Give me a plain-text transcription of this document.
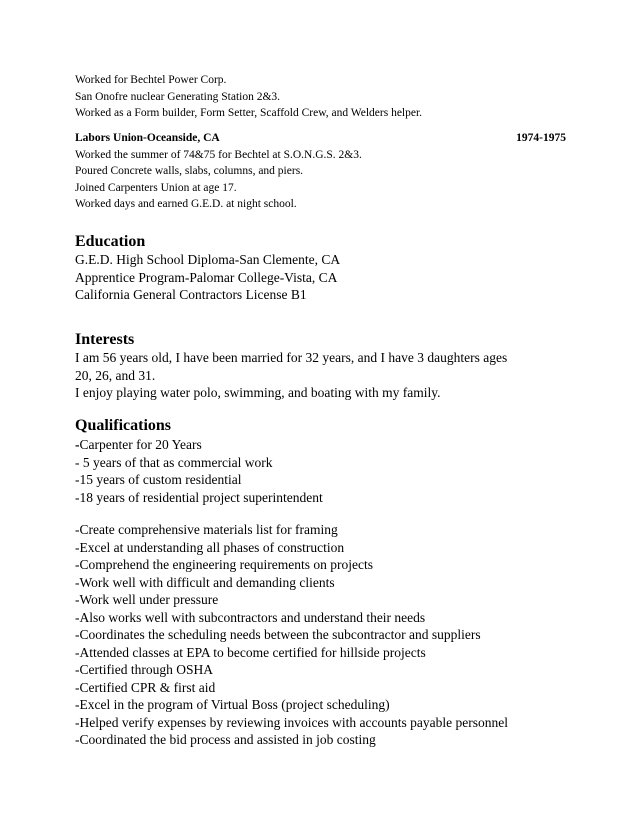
Worked for Bechtel Power Corp.
San Onofre nuclear Generating Station 2&3.
Worked as a Form builder, Form Setter, Scaffold Crew, and Welders helper.
Labors Union-Oceanside, CA	1974-1975
Worked the summer of 74&75 for Bechtel at S.O.N.G.S. 2&3.
Poured Concrete walls, slabs, columns, and piers.
Joined Carpenters Union at age 17.
Worked days and earned G.E.D. at night school.
Education
G.E.D. High School Diploma-San Clemente, CA
Apprentice Program-Palomar College-Vista, CA
California General Contractors License B1
Interests
I am 56 years old, I have been married for 32 years, and I have 3 daughters ages
20, 26, and 31.
I enjoy playing water polo, swimming, and boating with my family.
Qualifications
-Carpenter for 20 Years
- 5 years of that as commercial work
-15 years of custom residential
-18 years of residential project superintendent
-Create comprehensive materials list for framing
-Excel at understanding all phases of construction
-Comprehend the engineering requirements on projects
-Work well with difficult and demanding clients
-Work well under pressure
-Also works well with subcontractors and understand their needs
-Coordinates the scheduling needs between the subcontractor and suppliers
-Attended classes at EPA to become certified for hillside projects
-Certified through OSHA
-Certified CPR & first aid
-Excel in the program of Virtual Boss (project scheduling)
-Helped verify expenses by reviewing invoices with accounts payable personnel
-Coordinated the bid process and assisted in job costing
